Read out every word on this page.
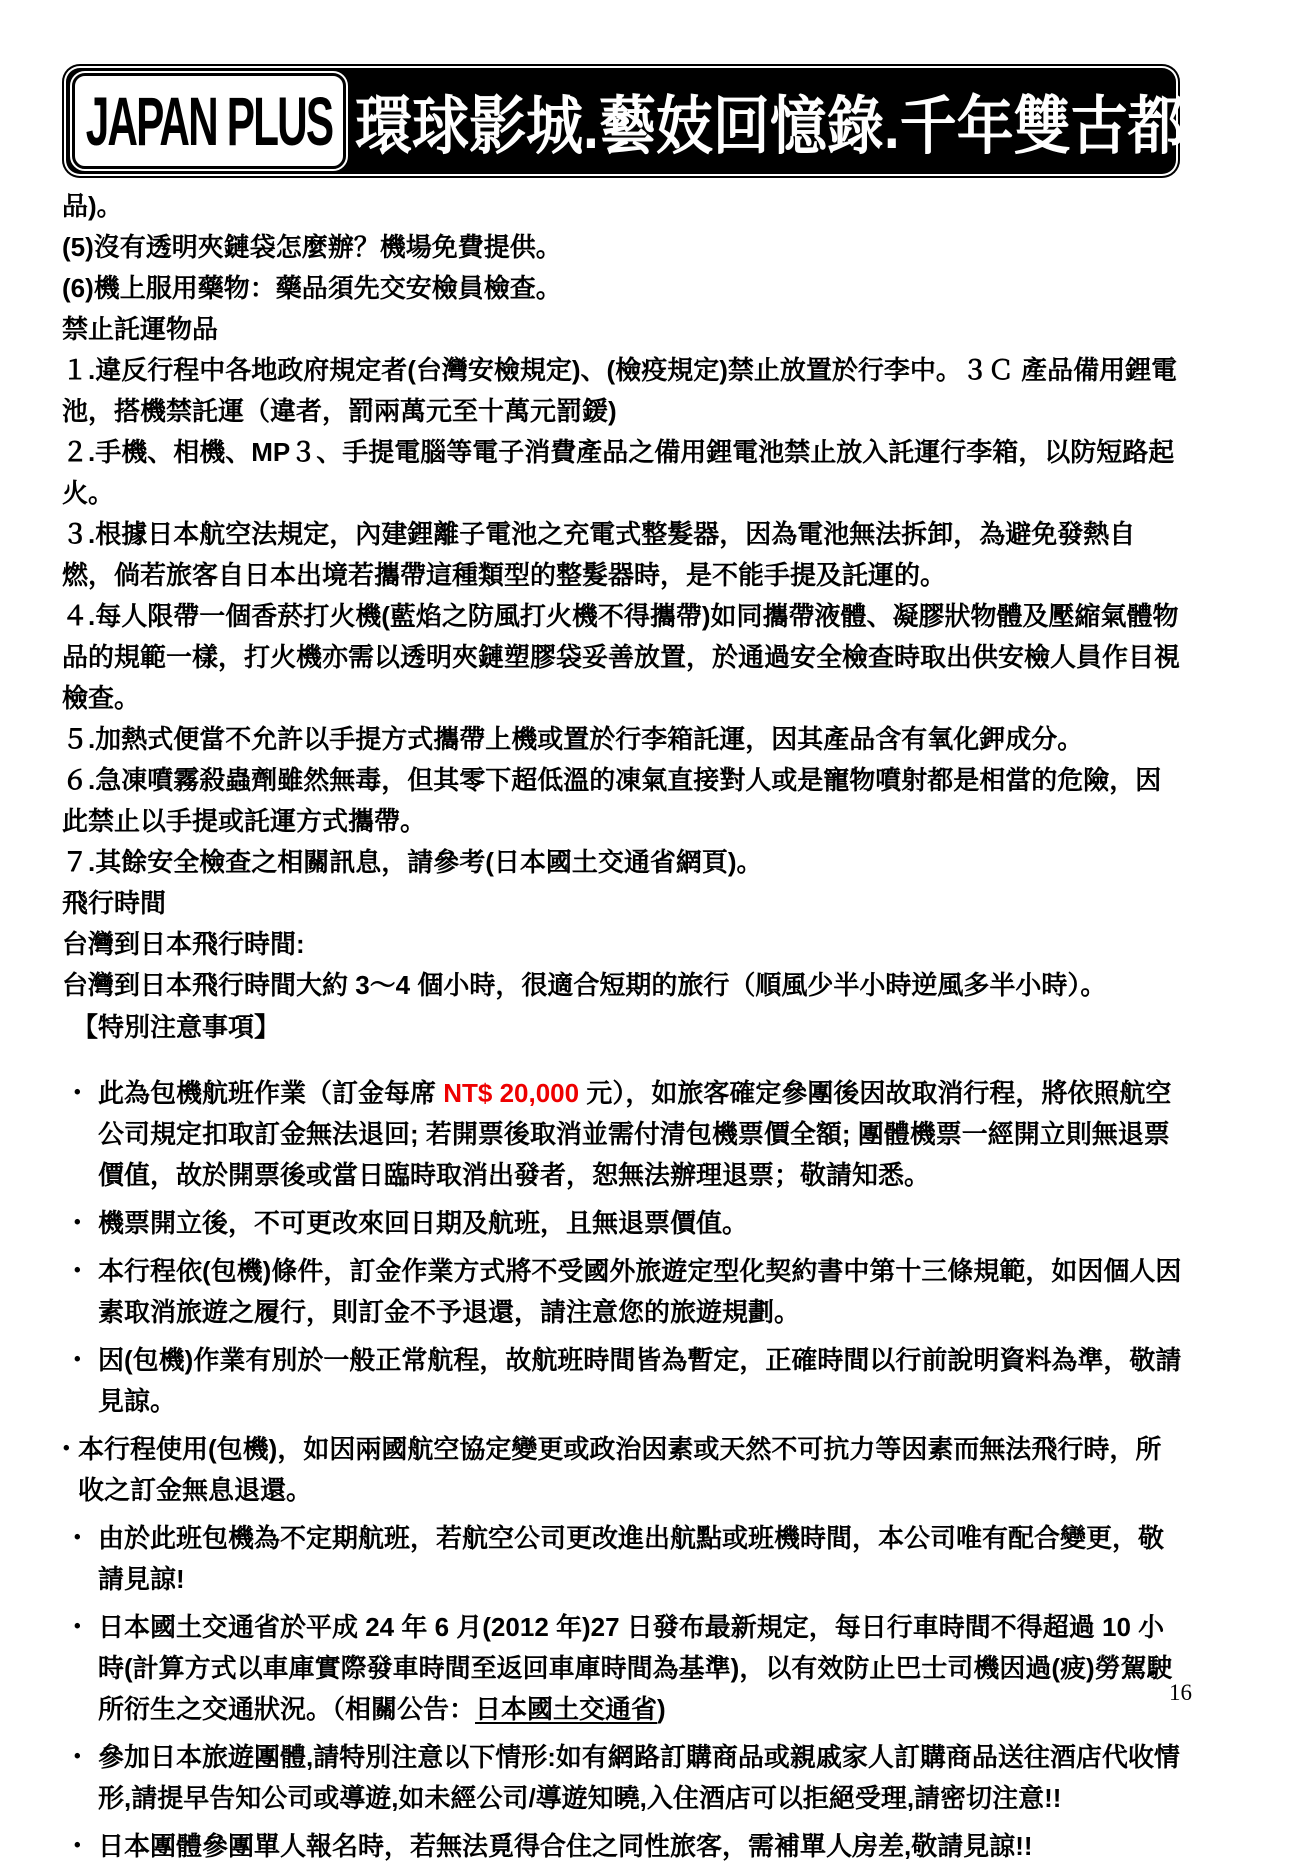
JAPAN PLUS 環球影城.藝妓回憶錄.千年雙古都五日
品)。
(5)沒有透明夾鏈袋怎麼辦？機場免費提供。
(6)機上服用藥物：藥品須先交安檢員檢查。
禁止託運物品
１.違反行程中各地政府規定者(台灣安檢規定)、(檢疫規定)禁止放置於行李中。３Ｃ 產品備用鋰電池，搭機禁託運（違者，罰兩萬元至十萬元罰鍰)
２.手機、相機、MP３、手提電腦等電子消費產品之備用鋰電池禁止放入託運行李箱，以防短路起火。
３.根據日本航空法規定，內建鋰離子電池之充電式整髮器，因為電池無法拆卸，為避免發熱自燃，倘若旅客自日本出境若攜帶這種類型的整髮器時，是不能手提及託運的。
４.每人限帶一個香菸打火機(藍焰之防風打火機不得攜帶)如同攜帶液體、凝膠狀物體及壓縮氣體物品的規範一樣，打火機亦需以透明夾鏈塑膠袋妥善放置，於通過安全檢查時取出供安檢人員作目視檢查。
５.加熱式便當不允許以手提方式攜帶上機或置於行李箱託運，因其產品含有氧化鉀成分。
６.急凍噴霧殺蟲劑雖然無毒，但其零下超低溫的凍氣直接對人或是寵物噴射都是相當的危險，因此禁止以手提或託運方式攜帶。
７.其餘安全檢查之相關訊息，請參考(日本國土交通省網頁)。
飛行時間
台灣到日本飛行時間:
台灣到日本飛行時間大約 3～4 個小時，很適合短期的旅行（順風少半小時逆風多半小時）。
【特別注意事項】
• 此為包機航班作業（訂金每席 NT$ 20,000 元），如旅客確定參團後因故取消行程，將依照航空公司規定扣取訂金無法退回; 若開票後取消並需付清包機票價全額; 團體機票一經開立則無退票價值，故於開票後或當日臨時取消出發者，恕無法辦理退票；敬請知悉。
• 機票開立後，不可更改來回日期及航班，且無退票價值。
• 本行程依(包機)條件，訂金作業方式將不受國外旅遊定型化契約書中第十三條規範，如因個人因素取消旅遊之履行，則訂金不予退還，請注意您的旅遊規劃。
• 因(包機)作業有別於一般正常航程，故航班時間皆為暫定，正確時間以行前說明資料為準，敬請見諒。
• 本行程使用(包機)，如因兩國航空協定變更或政治因素或天然不可抗力等因素而無法飛行時，所收之訂金無息退還。
• 由於此班包機為不定期航班，若航空公司更改進出航點或班機時間，本公司唯有配合變更，敬請見諒!
• 日本國土交通省於平成 24 年 6 月(2012 年)27 日發布最新規定，每日行車時間不得超過 10 小時(計算方式以車庫實際發車時間至返回車庫時間為基準)，以有效防止巴士司機因過(疲)勞駕駛所衍生之交通狀況。（相關公告：日本國土交通省)
• 參加日本旅遊團體,請特別注意以下情形:如有網路訂購商品或親戚家人訂購商品送往酒店代收情形,請提早告知公司或導遊,如未經公司/導遊知曉,入住酒店可以拒絕受理,請密切注意!!
• 日本團體參團單人報名時，若無法覓得合住之同性旅客，需補單人房差,敬請見諒!!
16
